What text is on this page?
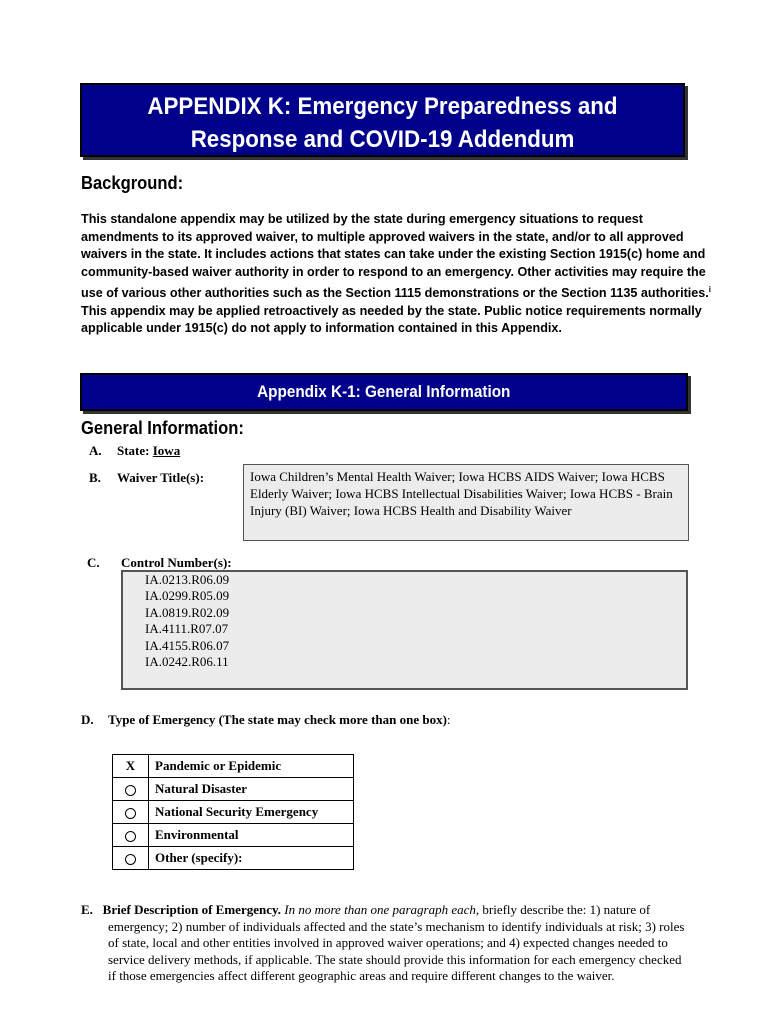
APPENDIX K: Emergency Preparedness and
Response and COVID-19 Addendum
Background:
This standalone appendix may be utilized by the state during emergency situations to request amendments to its approved waiver, to multiple approved waivers in the state, and/or to all approved waivers in the state. It includes actions that states can take under the existing Section 1915(c) home and community-based waiver authority in order to respond to an emergency. Other activities may require the use of various other authorities such as the Section 1115 demonstrations or the Section 1135 authorities.$^i$ This appendix may be applied retroactively as needed by the state. Public notice requirements normally applicable under 1915(c) do not apply to information contained in this Appendix.
Appendix K-1: General Information
General Information:
A. State: Iowa
B. Waiver Title(s):	Iowa Children’s Mental Health Waiver; Iowa HCBS AIDS Waiver; Iowa HCBS Elderly Waiver; Iowa HCBS Intellectual Disabilities Waiver; Iowa HCBS - Brain Injury (BI) Waiver; Iowa HCBS Health and Disability Waiver
C. Control Number(s):
IA.0213.R06.09
IA.0299.R05.09
IA.0819.R02.09
IA.4111.R07.07
IA.4155.R06.07
IA.0242.R06.11
D. Type of Emergency (The state may check more than one box):
X	Pandemic or Epidemic
	Natural Disaster
	National Security Emergency
	Environmental
	Other (specify):
E. Brief Description of Emergency. In no more than one paragraph each, briefly describe the: 1) nature of emergency; 2) number of individuals affected and the state’s mechanism to identify individuals at risk; 3) roles of state, local and other entities involved in approved waiver operations; and 4) expected changes needed to service delivery methods, if applicable. The state should provide this information for each emergency checked if those emergencies affect different geographic areas and require different changes to the waiver.
